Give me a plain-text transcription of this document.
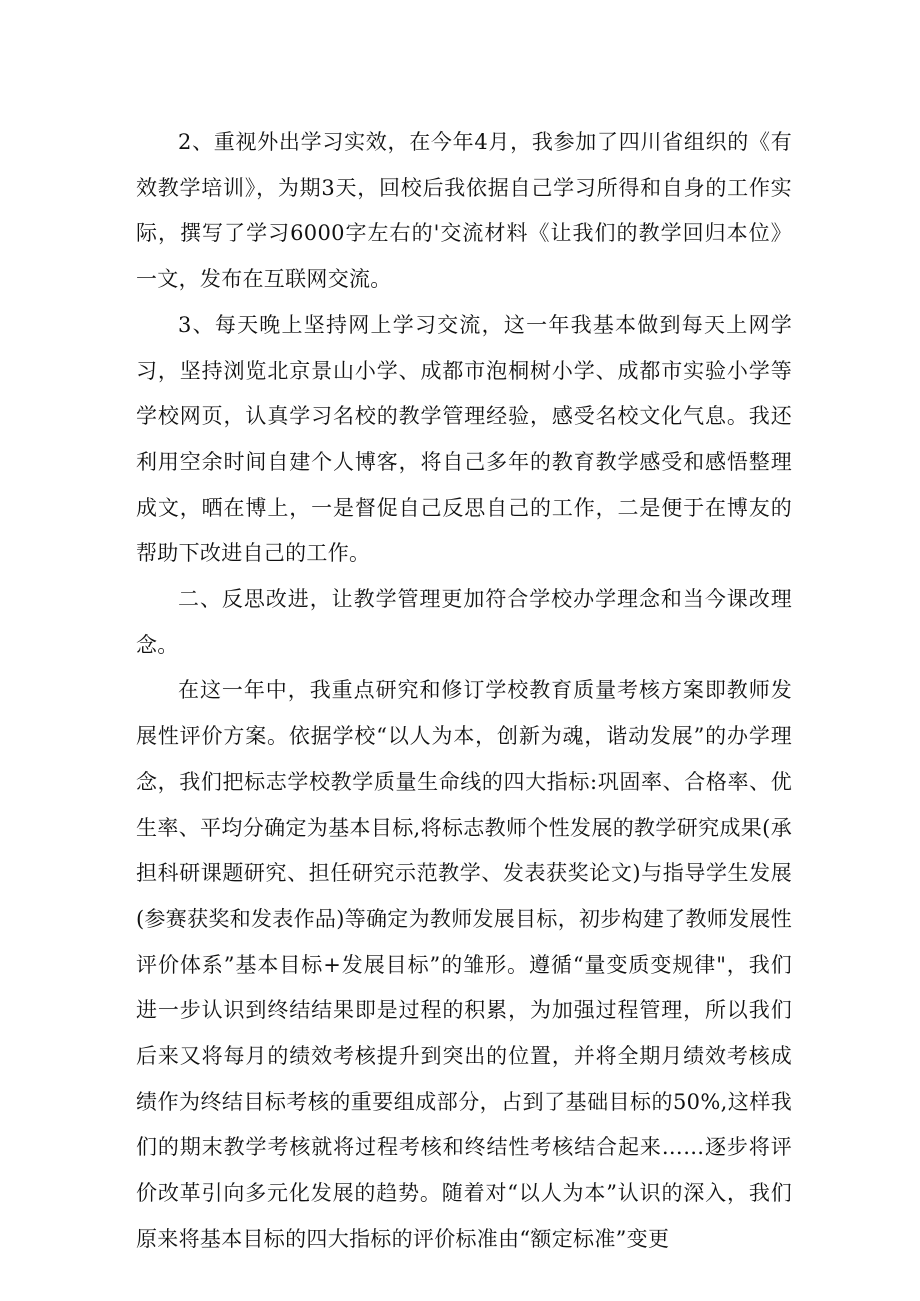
2、重视外出学习实效，在今年4月，我参加了四川省组织的《有效教学培训》，为期3天，回校后我依据自己学习所得和自身的工作实际，撰写了学习6000字左右的'交流材料《让我们的教学回归本位》一文，发布在互联网交流。

3、每天晚上坚持网上学习交流，这一年我基本做到每天上网学习，坚持浏览北京景山小学、成都市泡桐树小学、成都市实验小学等学校网页，认真学习名校的教学管理经验，感受名校文化气息。我还利用空余时间自建个人博客，将自己多年的教育教学感受和感悟整理成文，晒在博上，一是督促自己反思自己的工作，二是便于在博友的帮助下改进自己的工作。

二、反思改进，让教学管理更加符合学校办学理念和当今课改理念。

在这一年中，我重点研究和修订学校教育质量考核方案即教师发展性评价方案。依据学校“以人为本，创新为魂，谐动发展”的办学理念，我们把标志学校教学质量生命线的四大指标:巩固率、合格率、优生率、平均分确定为基本目标,将标志教师个性发展的教学研究成果(承担科研课题研究、担任研究示范教学、发表获奖论文)与指导学生发展(参赛获奖和发表作品)等确定为教师发展目标，初步构建了教师发展性评价体系”基本目标+发展目标”的雏形。遵循“量变质变规律"，我们进一步认识到终结结果即是过程的积累，为加强过程管理，所以我们后来又将每月的绩效考核提升到突出的位置，并将全期月绩效考核成绩作为终结目标考核的重要组成部分，占到了基础目标的50%,这样我们的期末教学考核就将过程考核和终结性考核结合起来……逐步将评价改革引向多元化发展的趋势。随着对“以人为本”认识的深入，我们原来将基本目标的四大指标的评价标准由“额定标准”变更
